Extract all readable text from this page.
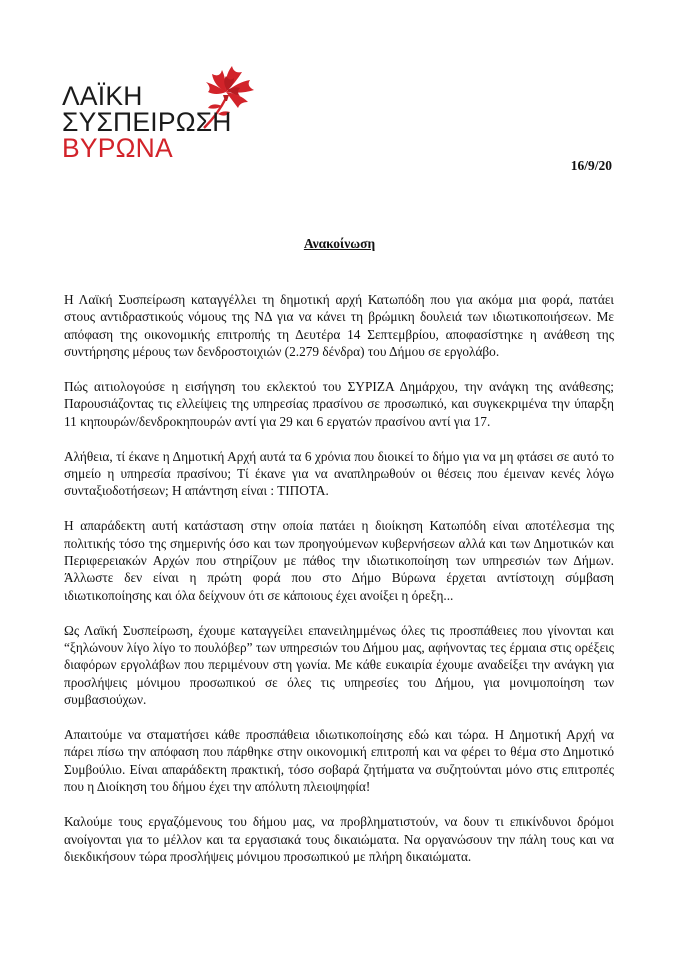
ΛΑΪΚΗ
ΣΥΣΠΕΙΡΩΣΗ
ΒΥΡΩΝΑ
16/9/20
Ανακοίνωση

Η Λαϊκή Συσπείρωση καταγγέλλει τη δημοτική αρχή Κατωπόδη που για ακόμα μια φορά, πατάει στους αντιδραστικούς νόμους της ΝΔ για να κάνει τη βρώμικη δουλειά των ιδιωτικοποιήσεων. Με απόφαση της οικονομικής επιτροπής τη Δευτέρα 14 Σεπτεμβρίου, αποφασίστηκε η ανάθεση της συντήρησης μέρους των δενδροστοιχιών (2.279 δένδρα) του Δήμου σε εργολάβο.

Πώς αιτιολογούσε η εισήγηση του εκλεκτού του ΣΥΡΙΖΑ Δημάρχου, την ανάγκη της ανάθεσης; Παρουσιάζοντας τις ελλείψεις της υπηρεσίας πρασίνου σε προσωπικό, και συγκεκριμένα την ύπαρξη 11 κηπουρών/δενδροκηπουρών αντί για 29 και 6 εργατών πρασίνου αντί για 17.

Αλήθεια, τί έκανε η Δημοτική Αρχή αυτά τα 6 χρόνια που διοικεί το δήμο για να μη φτάσει σε αυτό το σημείο η υπηρεσία πρασίνου; Τί έκανε για να αναπληρωθούν οι θέσεις που έμειναν κενές λόγω συνταξιοδοτήσεων; Η απάντηση είναι : ΤΙΠΟΤΑ.

Η απαράδεκτη αυτή κατάσταση στην οποία πατάει η διοίκηση Κατωπόδη είναι αποτέλεσμα της πολιτικής τόσο της σημερινής όσο και των προηγούμενων κυβερνήσεων αλλά και των Δημοτικών και Περιφερειακών Αρχών που στηρίζουν με πάθος την ιδιωτικοποίηση των υπηρεσιών των Δήμων. Άλλωστε δεν είναι η πρώτη φορά που στο Δήμο Βύρωνα έρχεται αντίστοιχη σύμβαση ιδιωτικοποίησης και όλα δείχνουν ότι σε κάποιους έχει ανοίξει η όρεξη...

Ως Λαϊκή Συσπείρωση, έχουμε καταγγείλει επανειλημμένως όλες τις προσπάθειες που γίνονται και “ξηλώνουν λίγο λίγο το πουλόβερ” των υπηρεσιών του Δήμου μας, αφήνοντας τες έρμαια στις ορέξεις διαφόρων εργολάβων που περιμένουν στη γωνία. Με κάθε ευκαιρία έχουμε αναδείξει την ανάγκη για προσλήψεις μόνιμου προσωπικού σε όλες τις υπηρεσίες του Δήμου, για μονιμοποίηση των συμβασιούχων.

Απαιτούμε να σταματήσει κάθε προσπάθεια ιδιωτικοποίησης εδώ και τώρα. Η Δημοτική Αρχή να πάρει πίσω την απόφαση που πάρθηκε στην οικονομική επιτροπή και να φέρει το θέμα στο Δημοτικό Συμβούλιο. Είναι απαράδεκτη πρακτική, τόσο σοβαρά ζητήματα να συζητούνται μόνο στις επιτροπές που η Διοίκηση του δήμου έχει την απόλυτη πλειοψηφία!

Καλούμε τους εργαζόμενους του δήμου μας, να προβληματιστούν, να δουν τι επικίνδυνοι δρόμοι ανοίγονται για το μέλλον και τα εργασιακά τους δικαιώματα. Να οργανώσουν την πάλη τους και να διεκδικήσουν τώρα προσλήψεις μόνιμου προσωπικού με πλήρη δικαιώματα.
